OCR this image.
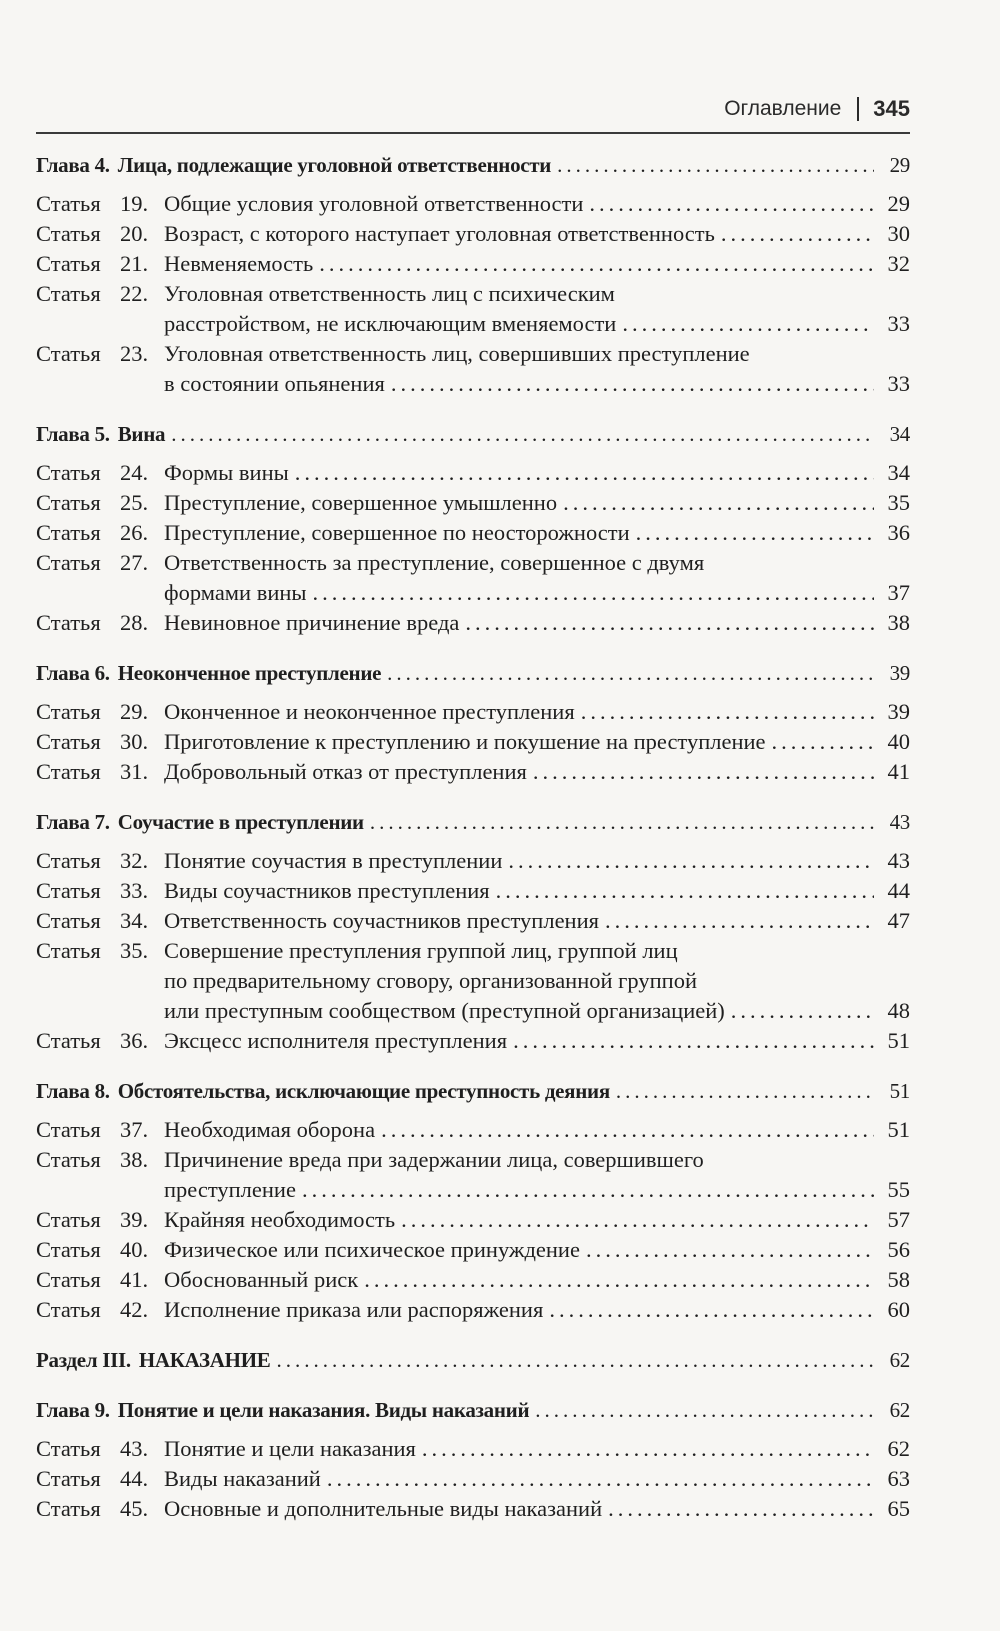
Оглавление 345
Глава 4. Лица, подлежащие уголовной ответственности .....	29
Статья 19. Общие условия уголовной ответственности .....	29
Статья 20. Возраст, с которого наступает уголовная ответственность .....	30
Статья 21. Невменяемость .....	32
Статья 22. Уголовная ответственность лиц с психическим
расстройством, не исключающим вменяемости .....	33
Статья 23. Уголовная ответственность лиц, совершивших преступление
в состоянии опьянения .....	33
Глава 5. Вина .....	34
Статья 24. Формы вины .....	34
Статья 25. Преступление, совершенное умышленно .....	35
Статья 26. Преступление, совершенное по неосторожности .....	36
Статья 27. Ответственность за преступление, совершенное с двумя
формами вины .....	37
Статья 28. Невиновное причинение вреда .....	38
Глава 6. Неоконченное преступление .....	39
Статья 29. Оконченное и неоконченное преступления .....	39
Статья 30. Приготовление к преступлению и покушение на преступление .....	40
Статья 31. Добровольный отказ от преступления .....	41
Глава 7. Соучастие в преступлении .....	43
Статья 32. Понятие соучастия в преступлении .....	43
Статья 33. Виды соучастников преступления .....	44
Статья 34. Ответственность соучастников преступления .....	47
Статья 35. Совершение преступления группой лиц, группой лиц
по предварительному сговору, организованной группой
или преступным сообществом (преступной организацией) .....	48
Статья 36. Эксцесс исполнителя преступления .....	51
Глава 8. Обстоятельства, исключающие преступность деяния .....	51
Статья 37. Необходимая оборона .....	51
Статья 38. Причинение вреда при задержании лица, совершившего
преступление .....	55
Статья 39. Крайняя необходимость .....	57
Статья 40. Физическое или психическое принуждение .....	56
Статья 41. Обоснованный риск .....	58
Статья 42. Исполнение приказа или распоряжения .....	60
Раздел III. НАКАЗАНИЕ .....	62
Глава 9. Понятие и цели наказания. Виды наказаний .....	62
Статья 43. Понятие и цели наказания .....	62
Статья 44. Виды наказаний .....	63
Статья 45. Основные и дополнительные виды наказаний .....	65
